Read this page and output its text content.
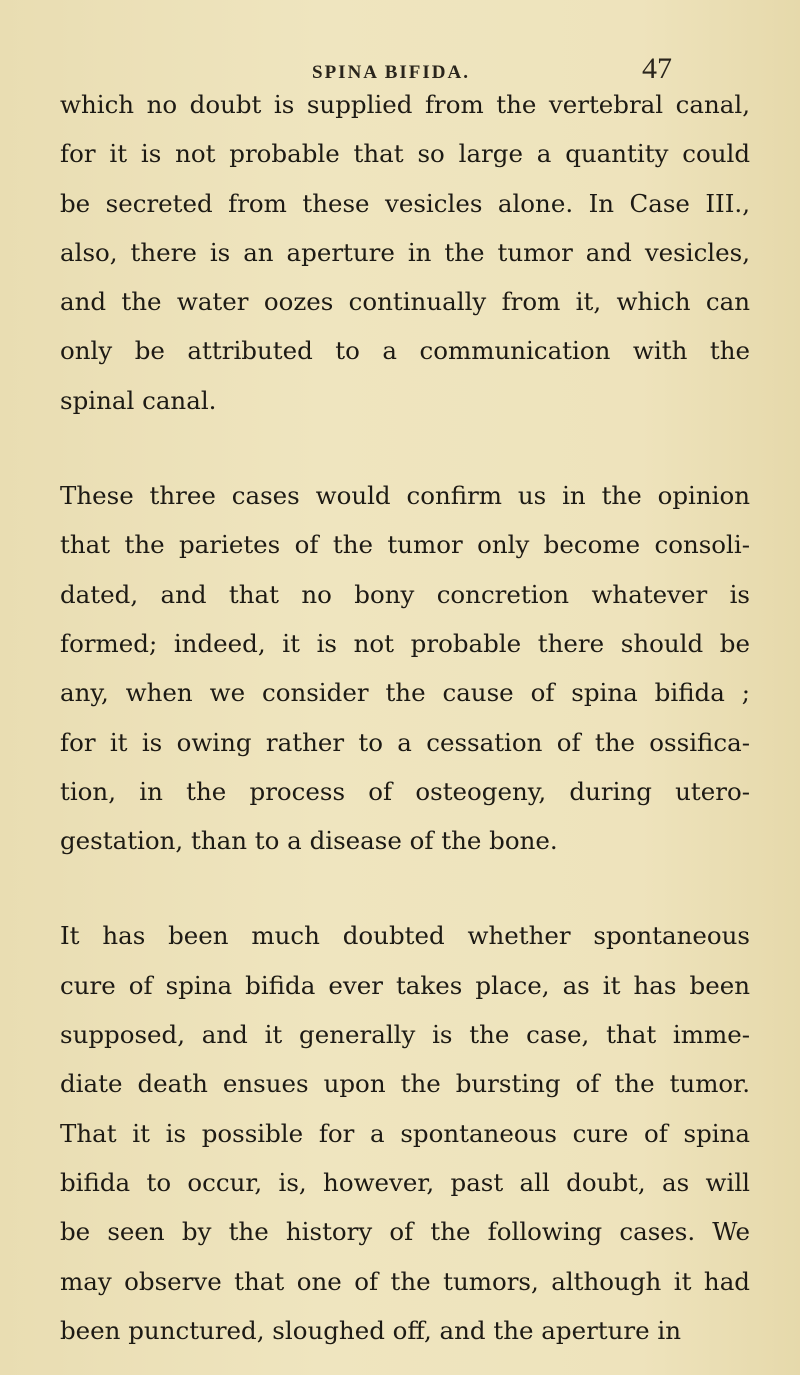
SPINA BIFIDA.	47
which no doubt is supplied from the vertebral canal,
for it is not probable that so large a quantity could
be secreted from these vesicles alone. In Case III.,
also, there is an aperture in the tumor and vesicles,
and the water oozes continually from it, which can
only be attributed to a communication with the
spinal canal.
These three cases would confirm us in the opinion
that the parietes of the tumor only become consoli-
dated, and that no bony concretion whatever is
formed; indeed, it is not probable there should be
any, when we consider the cause of spina bifida ;
for it is owing rather to a cessation of the ossifica-
tion, in the process of osteogeny, during utero-
gestation, than to a disease of the bone.
It has been much doubted whether spontaneous
cure of spina bifida ever takes place, as it has been
supposed, and it generally is the case, that imme-
diate death ensues upon the bursting of the tumor.
That it is possible for a spontaneous cure of spina
bifida to occur, is, however, past all doubt, as will
be seen by the history of the following cases. We
may observe that one of the tumors, although it had
been punctured, sloughed off, and the aperture in
